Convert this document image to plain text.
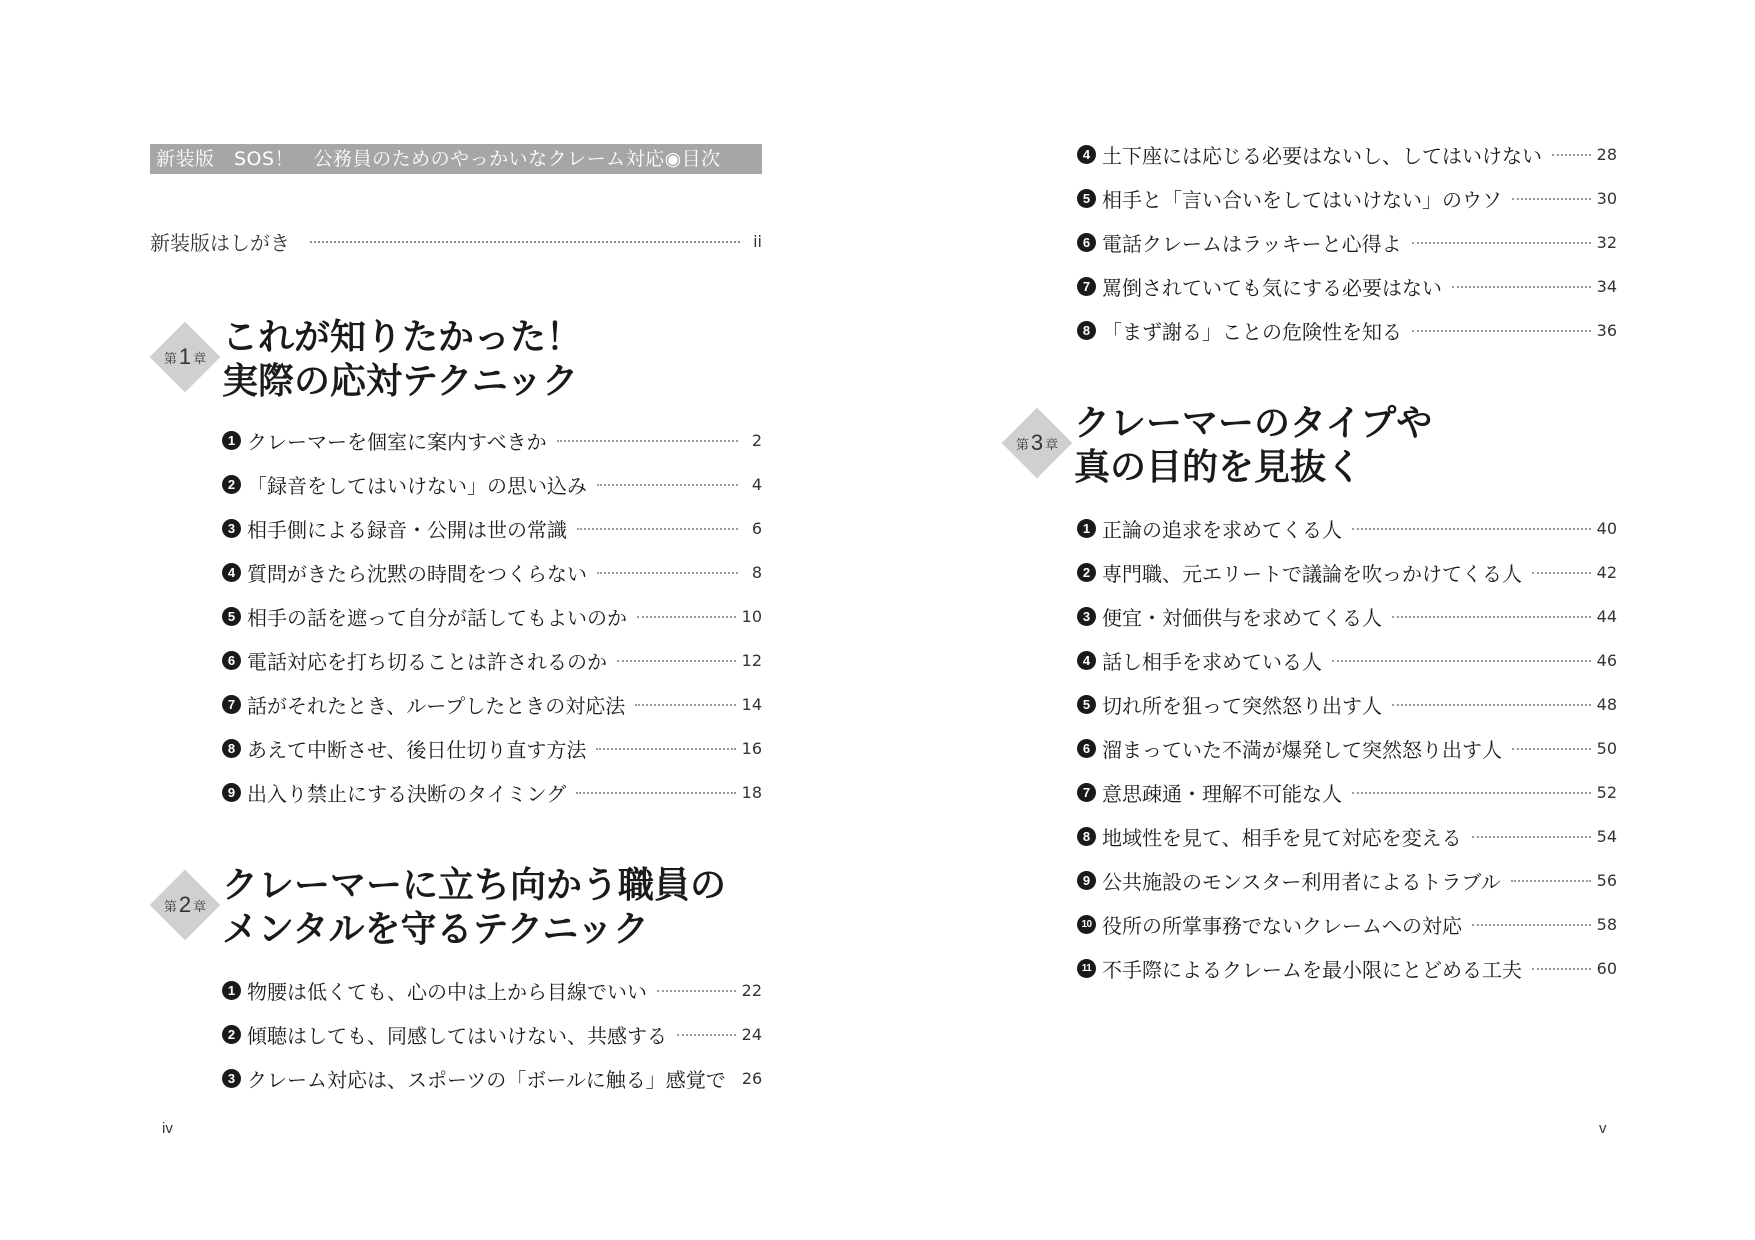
新装版　SOS！　公務員のためのやっかいなクレーム対応◉目次
新装版はしがき	ii
第 1 章
これが知りたかった！
実際の応対テクニック
1 クレーマーを個室に案内すべきか	2
2 「録音をしてはいけない」の思い込み	4
3 相手側による録音・公開は世の常識	6
4 質問がきたら沈黙の時間をつくらない	8
5 相手の話を遮って自分が話してもよいのか	10
6 電話対応を打ち切ることは許されるのか	12
7 話がそれたとき、ループしたときの対応法	14
8 あえて中断させ、後日仕切り直す方法	16
9 出入り禁止にする決断のタイミング	18
第 2 章
クレーマーに立ち向かう職員の
メンタルを守るテクニック
1 物腰は低くても、心の中は上から目線でいい	22
2 傾聴はしても、同感してはいけない、共感する	24
3 クレーム対応は、スポーツの「ボールに触る」感覚で 26
iv
4 土下座には応じる必要はないし、してはいけない	28
5 相手と「言い合いをしてはいけない」のウソ	30
6 電話クレームはラッキーと心得よ	32
7 罵倒されていても気にする必要はない	34
8 「まず謝る」ことの危険性を知る	36
第 3 章
クレーマーのタイプや
真の目的を見抜く
1 正論の追求を求めてくる人	40
2 専門職、元エリートで議論を吹っかけてくる人	42
3 便宜・対価供与を求めてくる人	44
4 話し相手を求めている人	46
5 切れ所を狙って突然怒り出す人	48
6 溜まっていた不満が爆発して突然怒り出す人	50
7 意思疎通・理解不可能な人	52
8 地域性を見て、相手を見て対応を変える	54
9 公共施設のモンスター利用者によるトラブル	56
10 役所の所掌事務でないクレームへの対応	58
11 不手際によるクレームを最小限にとどめる工夫	60
v
